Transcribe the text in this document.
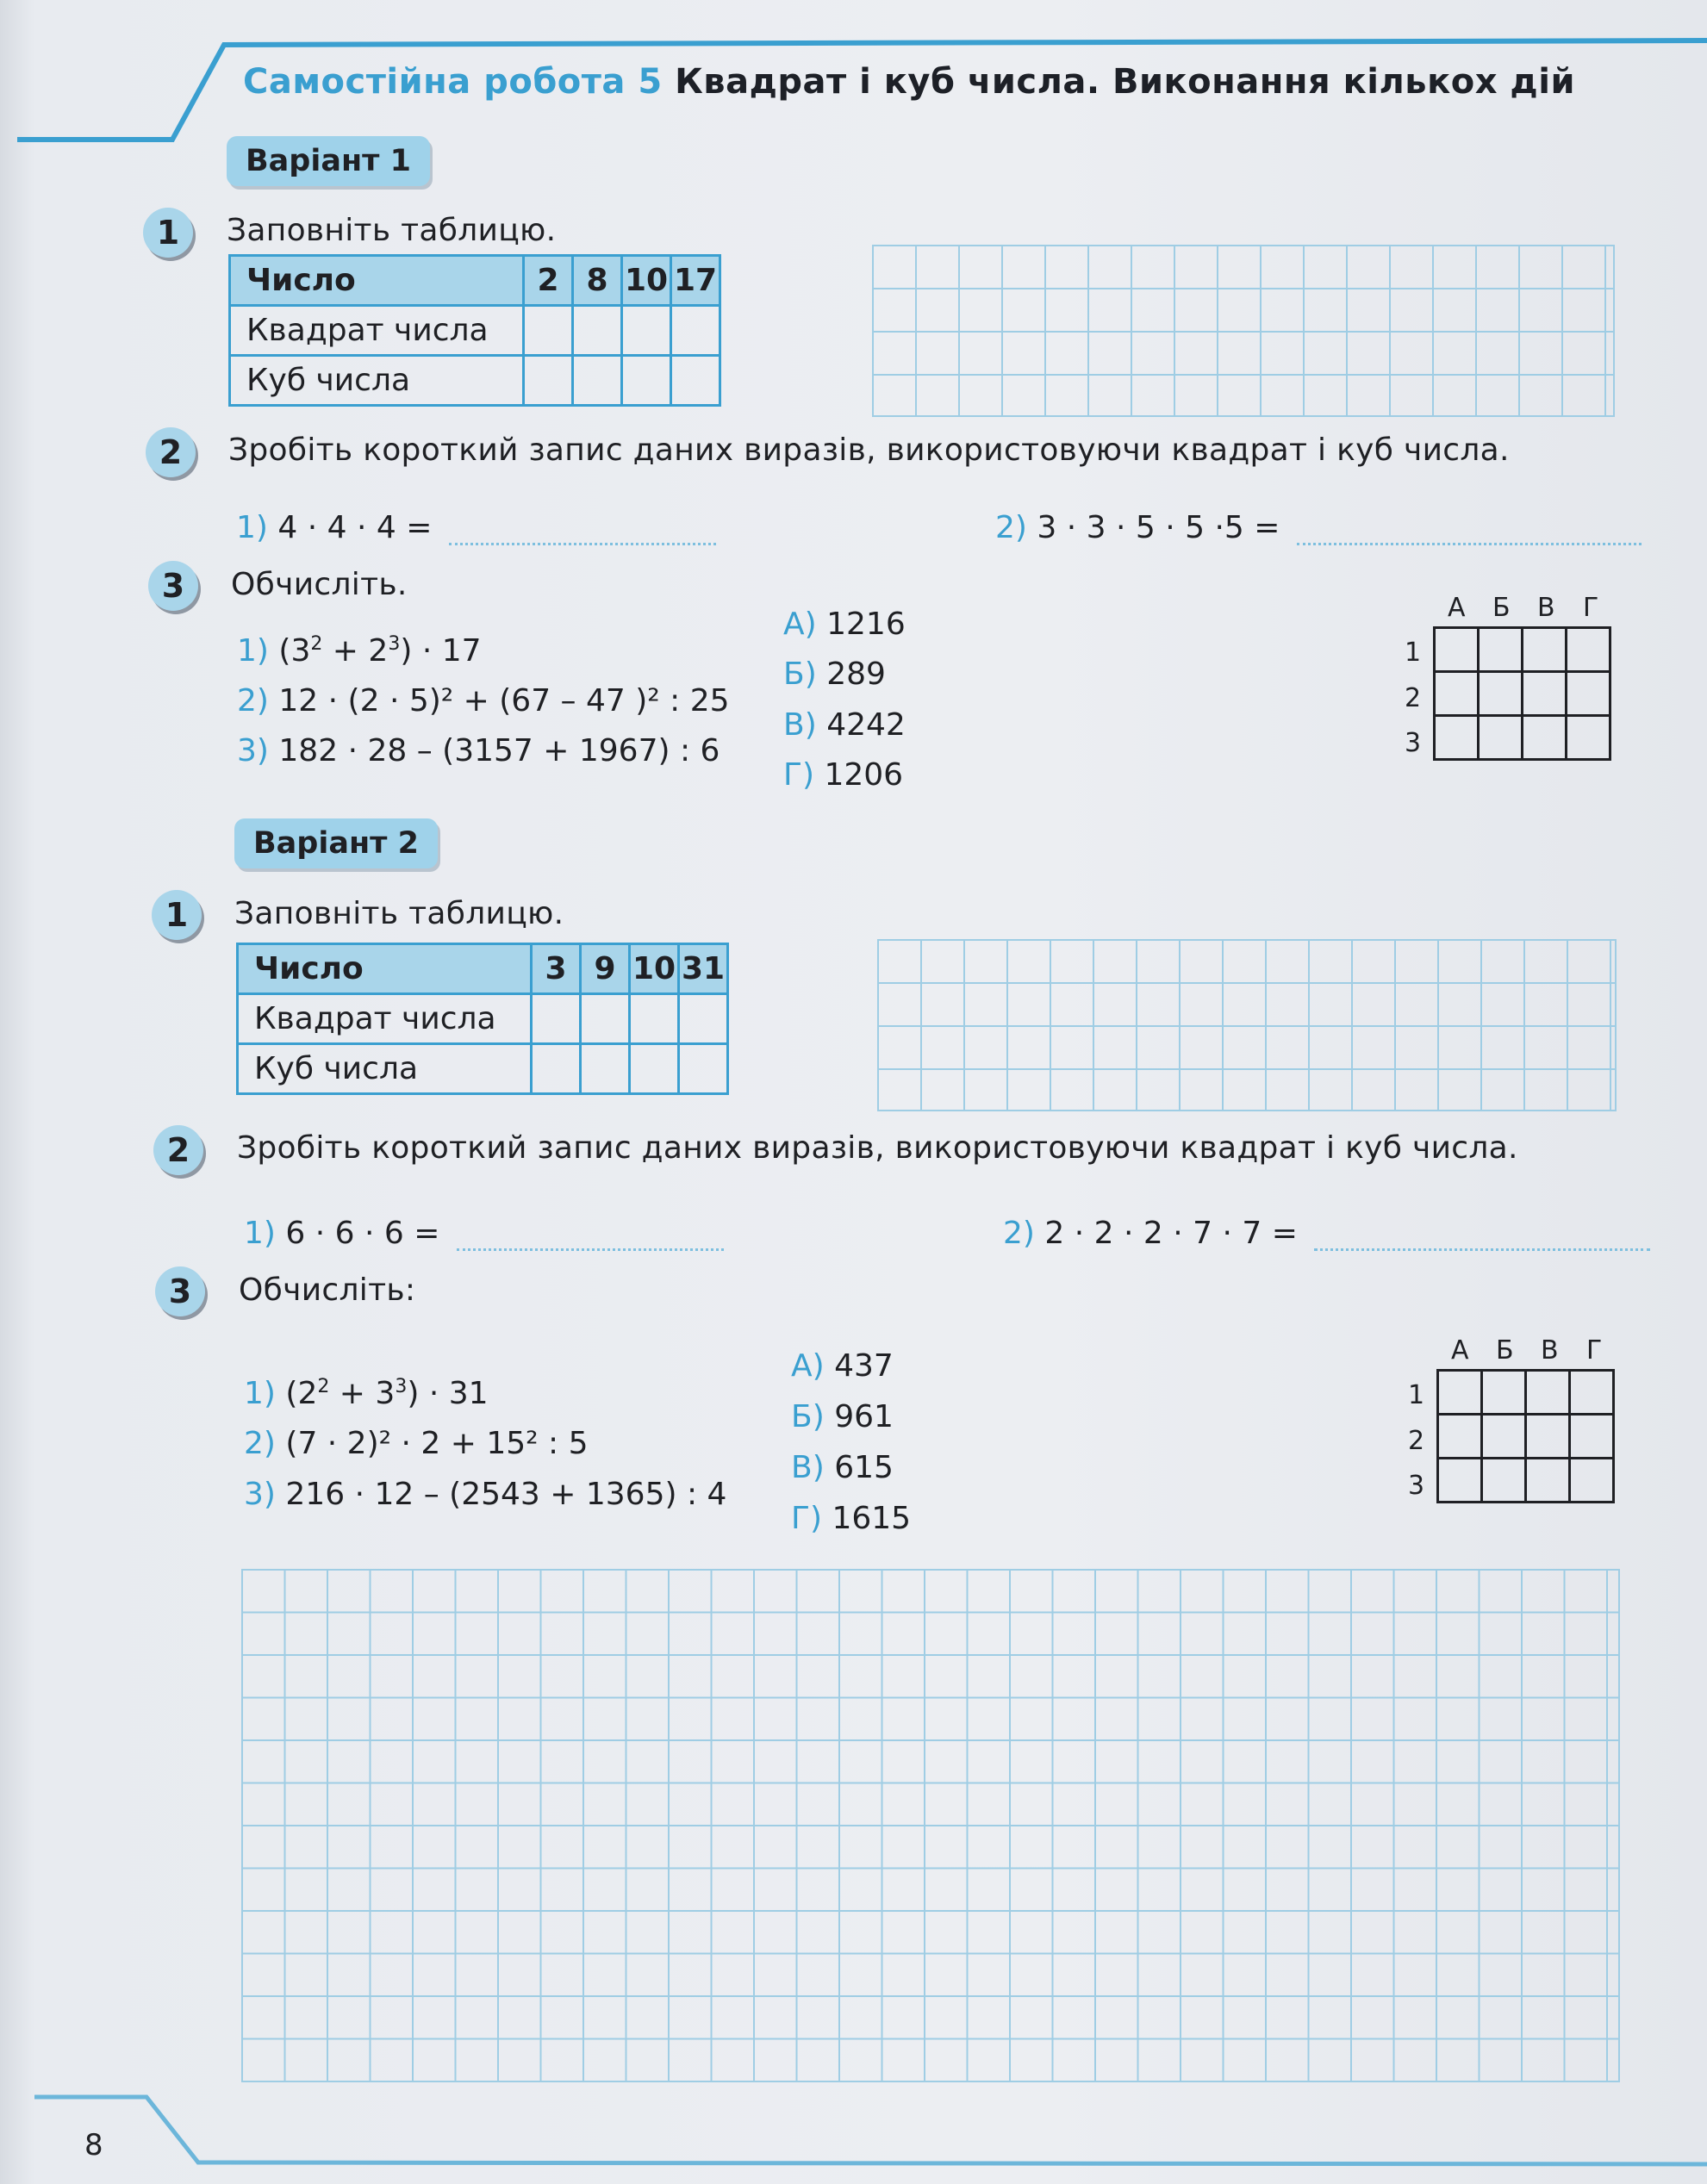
Самостійна робота 5 Квадрат і куб числа. Виконання кількох дій
Варіант 1
1	Заповніть таблицю.
Число	2	8	10	17
Квадрат числа				
Куб числа				
2	Зробіть короткий запис даних виразів, використовуючи квадрат і куб числа.
1) 4 · 4 · 4 =	2) 3 · 3 · 5 · 5 ·5 =
3	Обчисліть.
1) $(3^2 + 2^3) \cdot 17$
2) 12 · (2 · 5)² + (67 – 47 )² : 25
3) 182 · 28 – (3157 + 1967) : 6
А) 1216
Б) 289
В) 4242
Г) 1206
А Б В Г
1
2
3

Варіант 2
1	Заповніть таблицю.
Число	3	9	10	31
Квадрат числа				
Куб числа				
2	Зробіть короткий запис даних виразів, використовуючи квадрат і куб числа.
1) 6 · 6 · 6 =	2) 2 · 2 · 2 · 7 · 7 =
3	Обчисліть:
1) $(2^2 + 3^3) \cdot 31$
2) (7 · 2)² · 2 + 15² : 5
3) 216 · 12 – (2543 + 1365) : 4
А) 437
Б) 961
В) 615
Г) 1615
А Б В Г
1
2
3

8
